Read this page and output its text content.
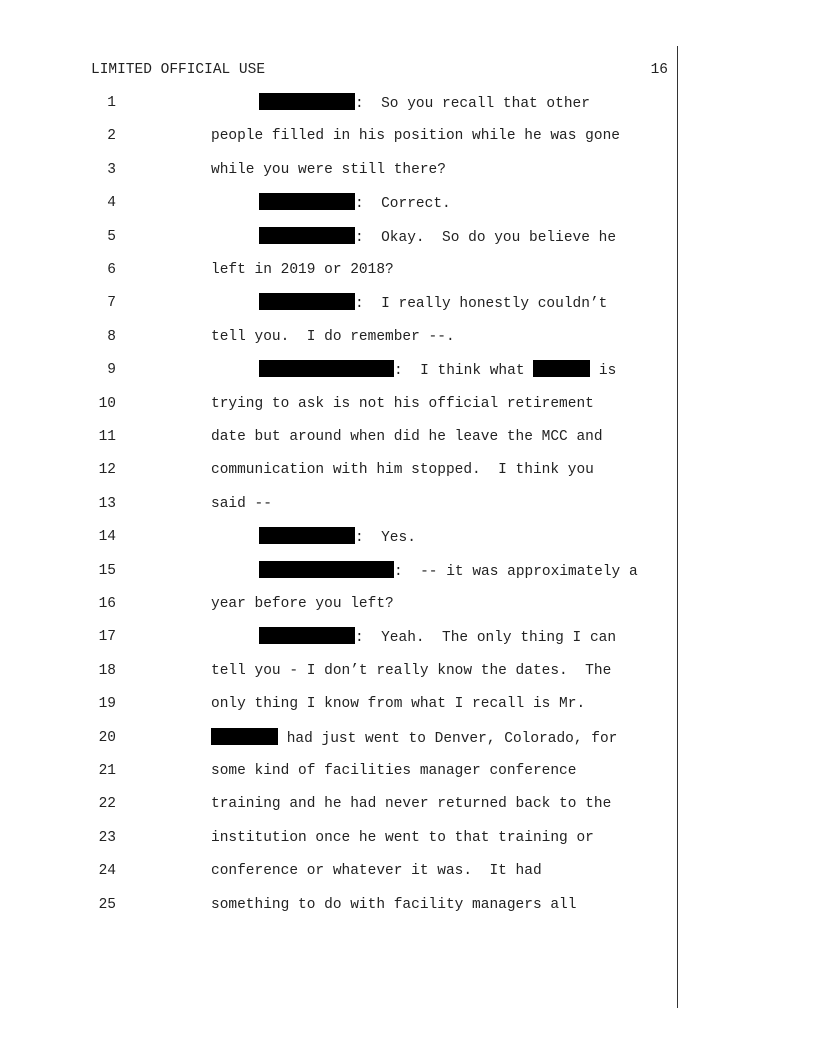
LIMITED OFFICIAL USE	16
1	:  So you recall that other
2	people filled in his position while he was gone
3	while you were still there?
4	:  Correct.
5	:  Okay.  So do you believe he
6	left in 2019 or 2018?
7	:  I really honestly couldn’t
8	tell you.  I do remember --.
9	:  I think what	is
10	trying to ask is not his official retirement
11	date but around when did he leave the MCC and
12	communication with him stopped.  I think you
13	said --
14	:  Yes.
15	:  -- it was approximately a
16	year before you left?
17	:  Yeah.  The only thing I can
18	tell you - I don’t really know the dates.  The
19	only thing I know from what I recall is Mr.
20	had just went to Denver, Colorado, for
21	some kind of facilities manager conference
22	training and he had never returned back to the
23	institution once he went to that training or
24	conference or whatever it was.  It had
25	something to do with facility managers all
